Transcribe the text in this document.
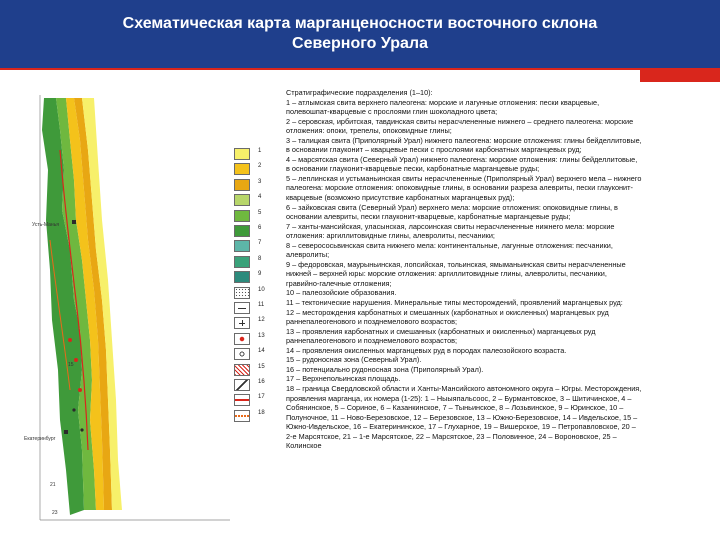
Схематическая карта марганценосности восточного склона
Северного Урала
Усть-Манья
Екатеринбург
15
21
23
1
2
3
4
5
6
7
8
9
10
11
12
13
14
15
16
17
18

Стратиграфические подразделения (1–10):

1 – атлымская свита верхнего палеогена: морские и лагунные отложения: пески кварцевые, полевошпат-кварцевые с прослоями глин шоколадного цвета;

2 – серовская, ирбитская, тавдинская свиты нерасчлененные нижнего – среднего палеогена: морские отложения: опоки, трепелы, опоковидные глины;

3 – талицкая свита (Приполярный Урал) нижнего палеогена: морские отложения: глины бейделлитовые, в основании глауконит – кварцевые пески с прослоями карбонатных марганцевых руд;

4 – марсятская свита (Северный Урал) нижнего палеогена: морские отложения: глины бейделлитовые, в основании глауконит-кварцевые пески, карбонатные марганцевые руды;

5 – леплинская и устьманьинская свиты нерасчлененные (Приполярный Урал) верхнего мела – нижнего палеогена: морские отложения: опоковидные глины, в основании разреза алевриты, пески глауконит-кварцевые (возможно присутствие карбонатных марганцевых руд);

6 – зайковская свита (Северный Урал) верхнего мела: морские отложения: опоковидные глины, в основании алевриты, пески глауконит-кварцевые, карбонатные марганцевые руды;

7 – ханты-мансийская, уласынская, ларсоинская свиты нерасчлененные нижнего мела: морские отложения: аргиллитовидные глины, алевролиты, песчаники;

8 – северососьвинская свита нижнего мела: континентальные, лагунные отложения: песчаники, алевролиты;

9 – федоровская, маурыньинская, лопсийская, тольинская, ямыманьинская свиты нерасчлененные нижней – верхней юры: морские отложения: аргиллитовидные глины, алевролиты, песчаники, гравийно-галечные отложения;

10 – палеозойские образования.

11 – тектонические нарушения. Минеральные типы месторождений, проявлений марганцевых руд:

12 – месторождения карбонатных и смешанных (карбонатных и окисленных) марганцевых руд раннепалеогенового и позднемелового возрастов;

13 – проявления карбонатных и смешанных (карбонатных и окисленных) марганцевых руд раннепалеогенового и позднемелового возрастов;

14 – проявления окисленных марганцевых руд в породах палеозойского возраста.

15 – рудоносная зона (Северный Урал).

16 – потенциально рудоносная зона (Приполярный Урал).

17 – Верхнепольинская площадь.

18 – граница Свердловской области и Ханты-Мансийского автономного округа – Югры. Месторождения, проявления марганца, их номера (1-25): 1 – Ныыяпальсоос, 2 – Бурмантовское, 3 – Шитичинское, 4 – Собянинское, 5 – Сориное, 6 – Казанкинское, 7 – Тыньинское, 8 – Лозьвинское, 9 – Юринское, 10 – Полуночное, 11 – Ново-Березовское, 12 – Березовское, 13 – Южно-Березовское, 14 – Ивдельское, 15 – Южно-Ивдельское, 16 – Екатерининское, 17 – Глухарное, 19 – Вишерское, 19 – Петропавловское, 20 – 2-е Марсятское, 21 – 1-е Марсятское, 22 – Марсятское, 23 – Половинное, 24 – Вороновское, 25 – Колинское
